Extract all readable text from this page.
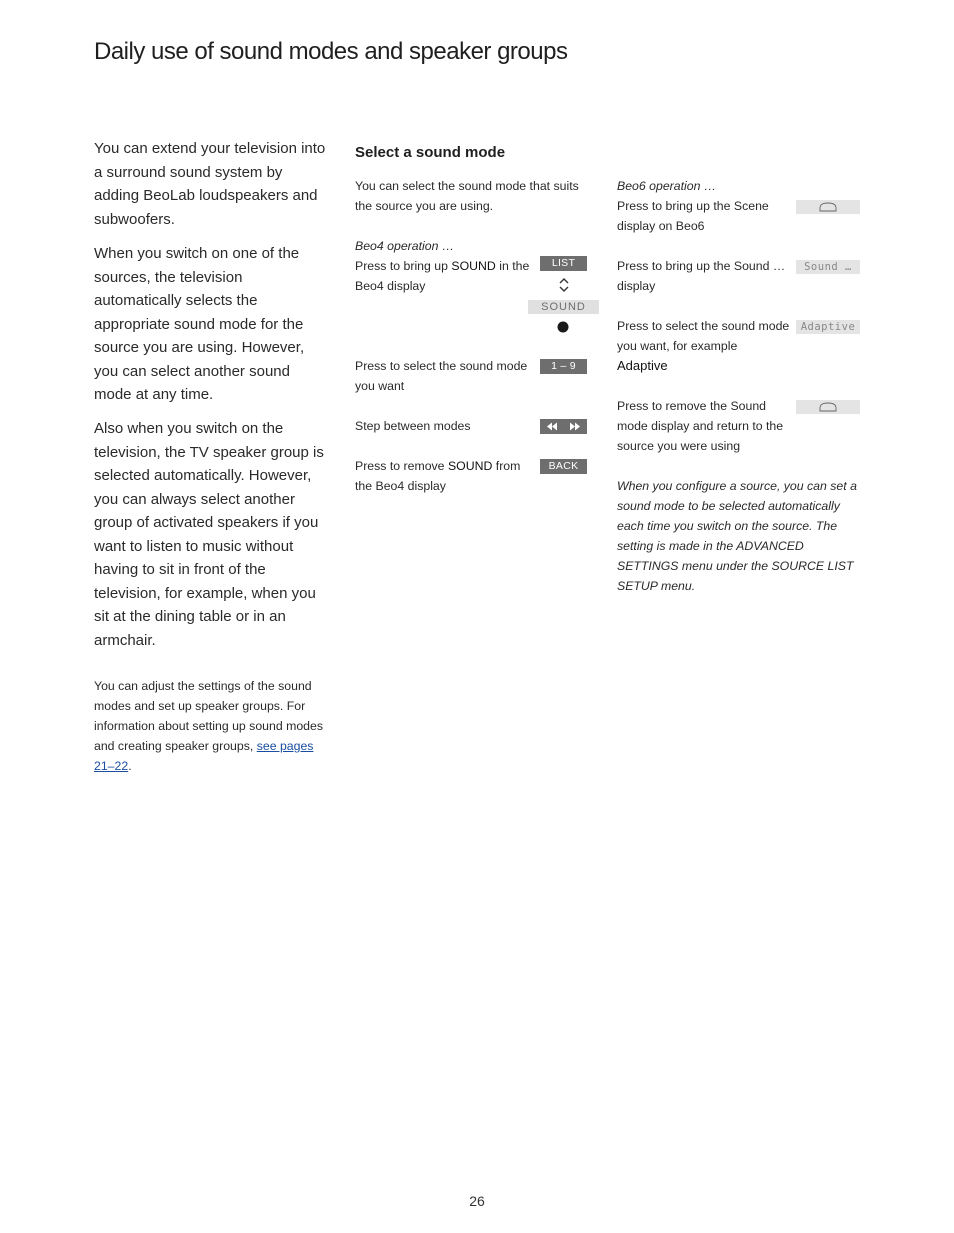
Daily use of sound modes and speaker groups
You can extend your television into a surround sound system by adding BeoLab loudspeakers and subwoofers.
When you switch on one of the sources, the television automatically selects the appropriate sound mode for the source you are using. However, you can select another sound mode at any time.
Also when you switch on the television, the TV speaker group is selected automatically. However, you can always select another group of activated speakers if you want to listen to music without having to sit in front of the television, for example, when you sit at the dining table or in an armchair.
You can adjust the settings of the sound modes and set up speaker groups. For information about setting up sound modes and creating speaker groups, see pages 21–22.
Select a sound mode
You can select the sound mode that suits the source you are using.
Beo4 operation …
Press to bring up SOUND in the Beo4 display
LIST
SOUND
Press to select the sound mode you want
1 – 9
Step between modes
Press to remove SOUND from the Beo4 display
BACK
Beo6 operation …
Press to bring up the Scene display on Beo6
Press to bring up the Sound … display
Sound …
Press to select the sound mode you want, for example
Adaptive
Adaptive
Press to remove the Sound mode display and return to the source you were using
When you configure a source, you can set a sound mode to be selected automatically each time you switch on the source. The setting is made in the ADVANCED SETTINGS menu under the SOURCE LIST SETUP menu.
26
